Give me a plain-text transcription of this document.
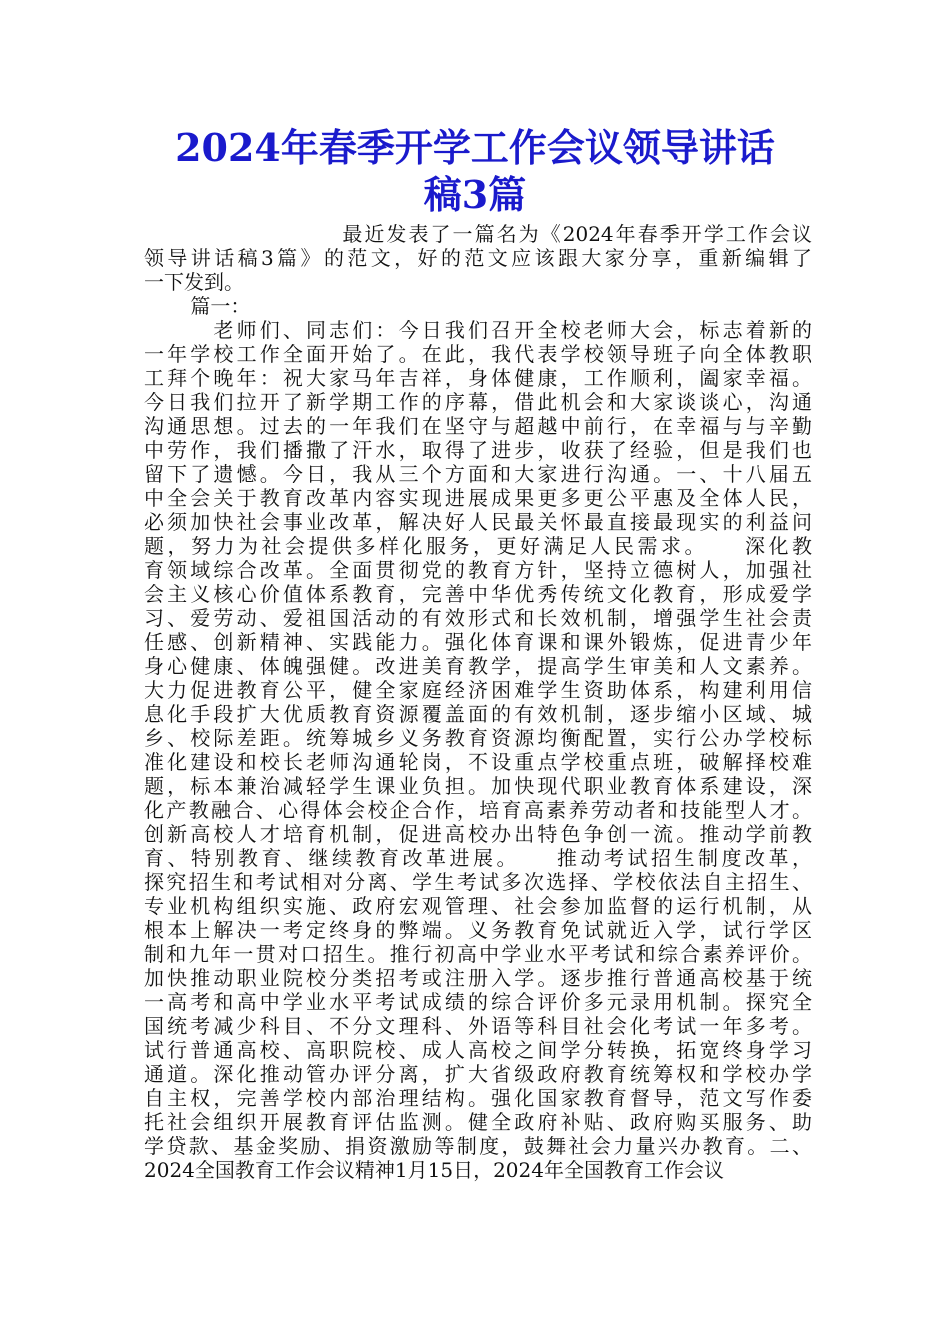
2024年春季开学工作会议领导讲话
稿3篇
　　　　　　　　　最近发表了一篇名为《2024年春季开学工作会议
领导讲话稿3篇》的范文，好的范文应该跟大家分享，重新编辑了
一下发到。
　　 篇一：
　　　老师们、同志们：今日我们召开全校老师大会，标志着新的
一年学校工作全面开始了。在此，我代表学校领导班子向全体教职
工拜个晚年：祝大家马年吉祥，身体健康，工作顺利，阖家幸福。
今日我们拉开了新学期工作的序幕，借此机会和大家谈谈心，沟通
沟通思想。过去的一年我们在坚守与超越中前行，在幸福与与辛勤
中劳作，我们播撒了汗水，取得了进步，收获了经验，但是我们也
留下了遗憾。今日，我从三个方面和大家进行沟通。一、十八届五
中全会关于教育改革内容实现进展成果更多更公平惠及全体人民，
必须加快社会事业改革，解决好人民最关怀最直接最现实的利益问
题，努力为社会提供多样化服务，更好满足人民需求。　　深化教
育领域综合改革。全面贯彻党的教育方针，坚持立德树人，加强社
会主义核心价值体系教育，完善中华优秀传统文化教育，形成爱学
习、爱劳动、爱祖国活动的有效形式和长效机制，增强学生社会责
任感、创新精神、实践能力。强化体育课和课外锻炼，促进青少年
身心健康、体魄强健。改进美育教学，提高学生审美和人文素养。
大力促进教育公平，健全家庭经济困难学生资助体系，构建利用信
息化手段扩大优质教育资源覆盖面的有效机制，逐步缩小区域、城
乡、校际差距。统筹城乡义务教育资源均衡配置，实行公办学校标
准化建设和校长老师沟通轮岗，不设重点学校重点班，破解择校难
题，标本兼治减轻学生课业负担。加快现代职业教育体系建设，深
化产教融合、心得体会校企合作，培育高素养劳动者和技能型人才。
创新高校人才培育机制，促进高校办出特色争创一流。推动学前教
育、特别教育、继续教育改革进展。　　推动考试招生制度改革，
探究招生和考试相对分离、学生考试多次选择、学校依法自主招生、
专业机构组织实施、政府宏观管理、社会参加监督的运行机制，从
根本上解决一考定终身的弊端。义务教育免试就近入学，试行学区
制和九年一贯对口招生。推行初高中学业水平考试和综合素养评价。
加快推动职业院校分类招考或注册入学。逐步推行普通高校基于统
一高考和高中学业水平考试成绩的综合评价多元录用机制。探究全
国统考减少科目、不分文理科、外语等科目社会化考试一年多考。
试行普通高校、高职院校、成人高校之间学分转换，拓宽终身学习
通道。深化推动管办评分离，扩大省级政府教育统筹权和学校办学
自主权，完善学校内部治理结构。强化国家教育督导，范文写作委
托社会组织开展教育评估监测。健全政府补贴、政府购买服务、助
学贷款、基金奖励、捐资激励等制度，鼓舞社会力量兴办教育。二、
2024全国教育工作会议精神1月15日，2024年全国教育工作会议
